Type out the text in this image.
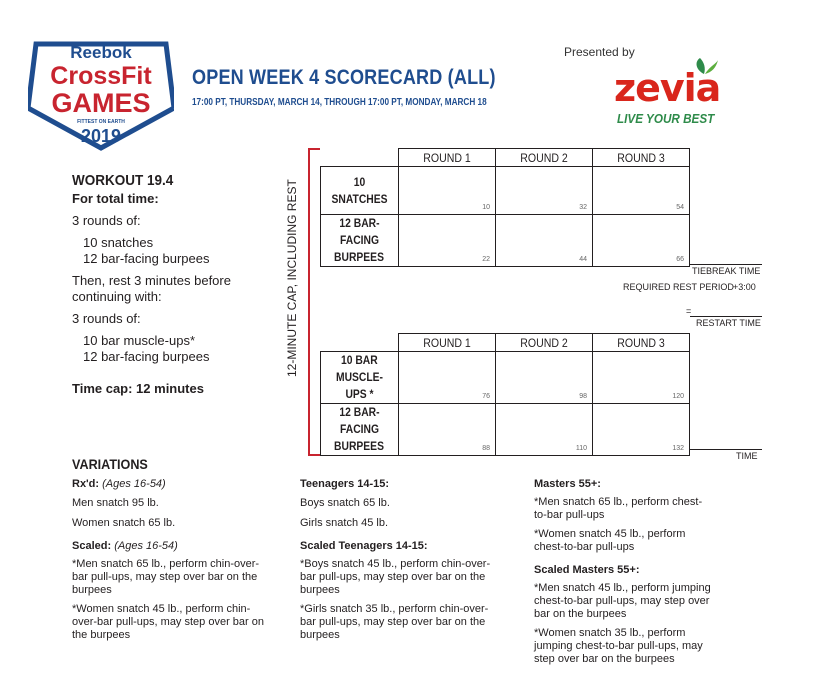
Reebok
CrossFit
GAMES
FITTEST ON EARTH
2019
OPEN WEEK 4 SCORECARD (ALL)
17:00 PT, THURSDAY, MARCH 14, THROUGH 17:00 PT, MONDAY, MARCH 18
Presented by
zevia
LIVE YOUR BEST
WORKOUT 19.4
For total time:
3 rounds of:
10 snatches
12 bar-facing burpees
Then, rest 3 minutes before
continuing with:
3 rounds of:
10 bar muscle-ups*
12 bar-facing burpees
Time cap: 12 minutes
12-MINUTE CAP, INCLUDING REST
	ROUND 1	ROUND 2	ROUND 3
10 SNATCHES	10	32	54

12 BAR-FACING
BURPEES	22	44	66
TIEBREAK TIME
REQUIRED REST PERIOD +3:00
=
RESTART TIME
	ROUND 1	ROUND 2	ROUND 3
10 BAR
MUSCLE-UPS *	76	98	120

12 BAR-FACING
BURPEES	88	110	132
TIME
VARIATIONS
Rx'd: (Ages 16-54)
Men snatch 95 lb.
Women snatch 65 lb.
Scaled: (Ages 16-54)
*Men snatch 65 lb., perform chin-over-bar pull-ups, may step over bar on the burpees
*Women snatch 45 lb., perform chin-over-bar pull-ups, may step over bar on the burpees
Teenagers 14-15:
Boys snatch 65 lb.
Girls snatch 45 lb.
Scaled Teenagers 14-15:
*Boys snatch 45 lb., perform chin-over-bar pull-ups, may step over bar on the burpees
*Girls snatch 35 lb., perform chin-over-bar pull-ups, may step over bar on the burpees
Masters 55+:
*Men snatch 65 lb., perform chest-to-bar pull-ups
*Women snatch 45 lb., perform chest-to-bar pull-ups
Scaled Masters 55+:
*Men snatch 45 lb., perform jumping chest-to-bar pull-ups, may step over bar on the burpees
*Women snatch 35 lb., perform jumping chest-to-bar pull-ups, may step over bar on the burpees
